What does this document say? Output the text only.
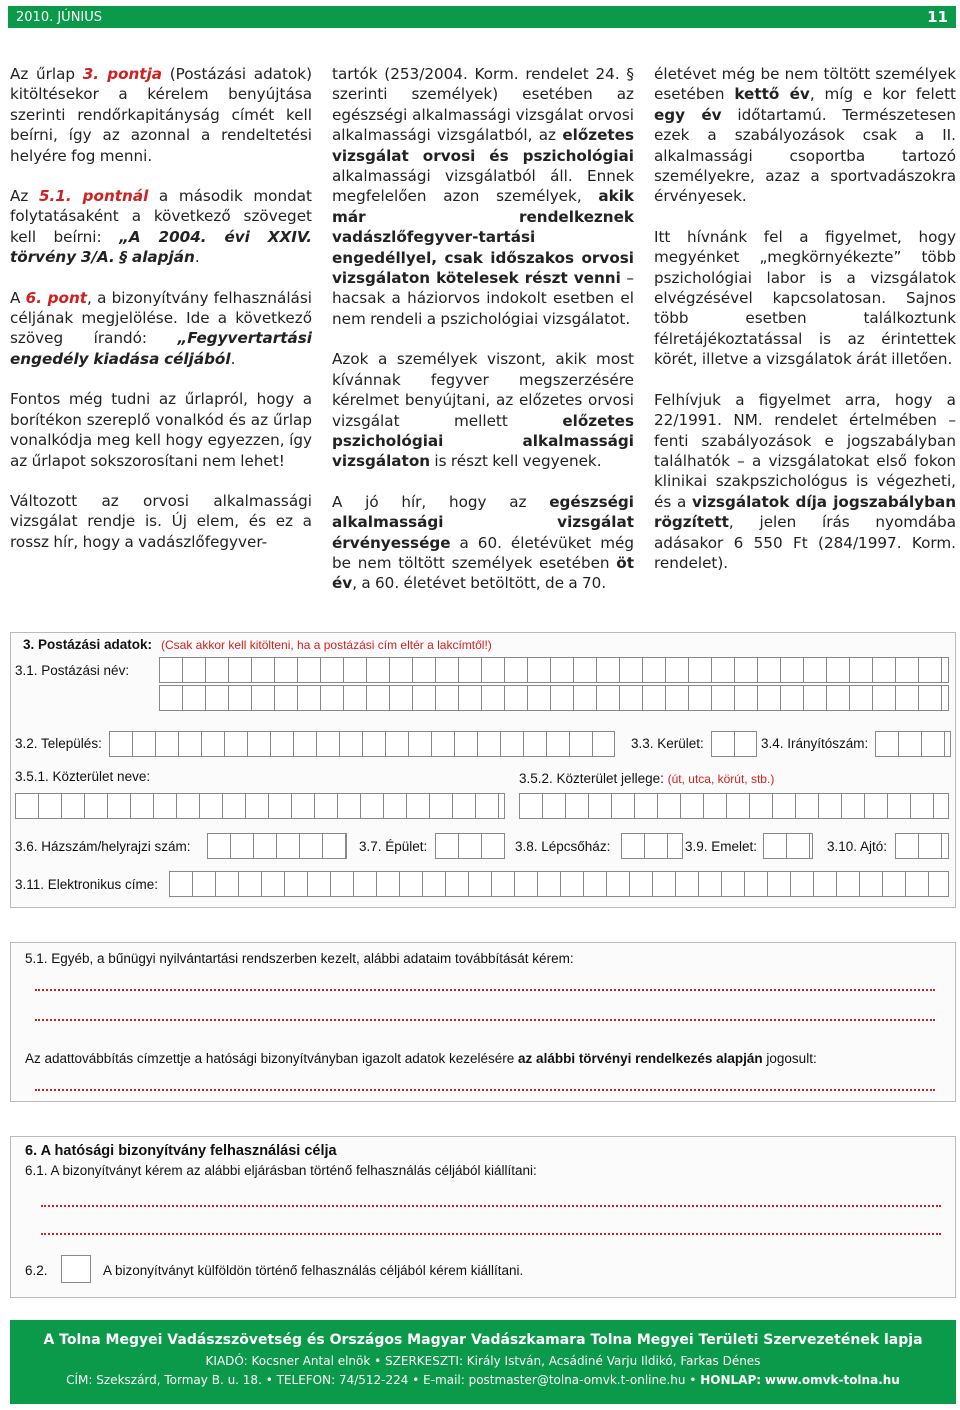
2010. JÚNIUS	11

Az űrlap 3. pontja (Postázási adatok) kitöltésekor a kérelem benyújtása szerinti rendőrkapitányság címét kell beírni, így az azonnal a rendeltetési helyére fog menni.

Az 5.1. pontnál a második mondat folytatásaként a következő szöveget kell beírni: „A 2004. évi XXIV. törvény 3/A. § alapján.

A 6. pont, a bizonyítvány felhasználási céljának megjelölése. Ide a következő szöveg írandó: „Fegyvertartási engedély kiadása céljából.

Fontos még tudni az űrlapról, hogy a borítékon szereplő vonalkód és az űrlap vonalkódja meg kell hogy egyezzen, így az űrlapot sokszorosítani nem lehet!

Változott az orvosi alkalmassági vizsgálat rendje is. Új elem, és ez a rossz hír, hogy a vadászlőfegyver-

tartók (253/2004. Korm. rendelet 24. § szerinti személyek) esetében az egészségi alkalmassági vizsgálat orvosi alkalmassági vizsgálatból, az előzetes vizsgálat orvosi és pszichológiai alkalmassági vizsgálatból áll. Ennek megfelelően azon személyek, akik már rendelkeznek vadászlőfegyver-tartási engedéllyel, csak időszakos orvosi vizsgálaton kötelesek részt venni – hacsak a háziorvos indokolt esetben el nem rendeli a pszichológiai vizsgálatot.

Azok a személyek viszont, akik most kívánnak fegyver megszerzésére kérelmet benyújtani, az előzetes orvosi vizsgálat mellett előzetes pszichológiai alkalmassági vizsgálaton is részt kell vegyenek.

A jó hír, hogy az egészségi alkalmassági vizsgálat érvényessége a 60. életévüket még be nem töltött személyek esetében öt év, a 60. életévet betöltött, de a 70.

életévet még be nem töltött személyek esetében kettő év, míg e kor felett egy év időtartamú. Természetesen ezek a szabályozások csak a II. alkalmassági csoportba tartozó személyekre, azaz a sportvadászokra érvényesek.

Itt hívnánk fel a figyelmet, hogy megyénket „megkörnyékezte” több pszichológiai labor is a vizsgálatok elvégzésével kapcsolatosan. Sajnos több esetben találkoztunk félretájékoztatással is az érintettek körét, illetve a vizsgálatok árát illetően.

Felhívjuk a figyelmet arra, hogy a 22/1991. NM. rendelet értelmében – fenti szabályozások e jogszabályban találhatók – a vizsgálatokat első fokon klinikai szakpszichológus is végezheti, és a vizsgálatok díja jogszabályban rögzített, jelen írás nyomdába adásakor 6 550 Ft (284/1997. Korm. rendelet).

3. Postázási adatok: (Csak akkor kell kitölteni, ha a postázási cím eltér a lakcímtől!)
3.1. Postázási név:
3.2. Település:	3.3. Kerület:	3.4. Irányítószám:
3.5.1. Közterület neve:	3.5.2. Közterület jellege: (út, utca, körút, stb.)
3.6. Házszám/helyrajzi szám:	3.7. Épület:	3.8. Lépcsőház:	3.9. Emelet:	3.10. Ajtó:
3.11. Elektronikus címe:
5.1. Egyéb, a bűnügyi nyilvántartási rendszerben kezelt, alábbi adataim továbbítását kérem:
Az adattovábbítás címzettje a hatósági bizonyítványban igazolt adatok kezelésére az alábbi törvényi rendelkezés alapján jogosult:
6. A hatósági bizonyítvány felhasználási célja
6.1. A bizonyítványt kérem az alábbi eljárásban történő felhasználás céljából kiállítani:
6.2.	A bizonyítványt külföldön történő felhasználás céljából kérem kiállítani.
A Tolna Megyei Vadászszövetség és Országos Magyar Vadászkamara Tolna Megyei Területi Szervezetének lapja
KIADÓ: Kocsner Antal elnök • SZERKESZTI: Király István, Acsádiné Varju Ildikó, Farkas Dénes
CÍM: Szekszárd, Tormay B. u. 18. • TELEFON: 74/512-224 • E-mail: postmaster@tolna-omvk.t-online.hu • HONLAP: www.omvk-tolna.hu
